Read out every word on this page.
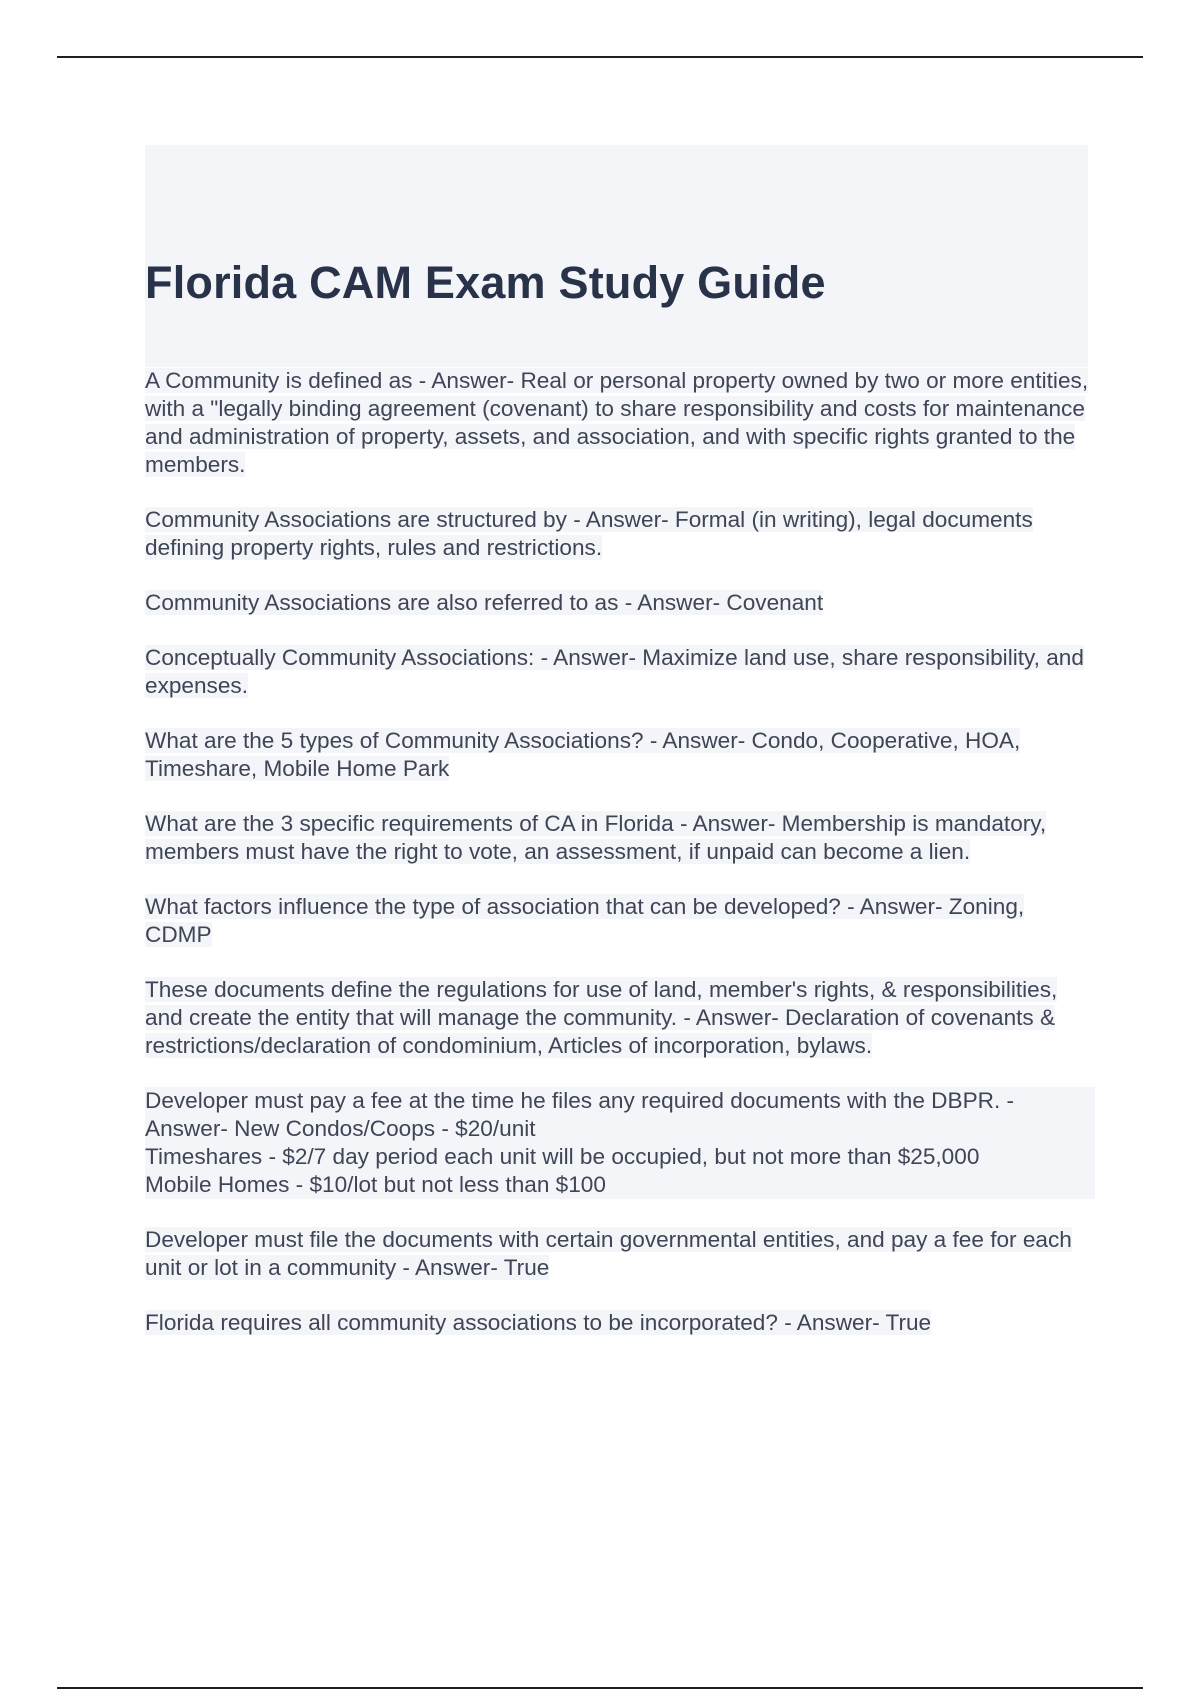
Florida CAM Exam Study Guide

A Community is defined as - Answer- Real or personal property owned by two or more entities, with a "legally binding agreement (covenant) to share responsibility and costs for maintenance and administration of property, assets, and association, and with specific rights granted to the members.

Community Associations are structured by - Answer- Formal (in writing), legal documents defining property rights, rules and restrictions.

Community Associations are also referred to as - Answer- Covenant

Conceptually Community Associations: - Answer- Maximize land use, share responsibility, and expenses.

What are the 5 types of Community Associations? - Answer- Condo, Cooperative, HOA, Timeshare, Mobile Home Park

What are the 3 specific requirements of CA in Florida - Answer- Membership is mandatory, members must have the right to vote, an assessment, if unpaid can become a lien.

What factors influence the type of association that can be developed? - Answer- Zoning, CDMP

These documents define the regulations for use of land, member's rights, & responsibilities, and create the entity that will manage the community. - Answer- Declaration of covenants & restrictions/declaration of condominium, Articles of incorporation, bylaws.

Developer must pay a fee at the time he files any required documents with the DBPR. - Answer- New Condos/Coops - $20/unit
Timeshares - $2/7 day period each unit will be occupied, but not more than $25,000
Mobile Homes - $10/lot but not less than $100

Developer must file the documents with certain governmental entities, and pay a fee for each unit or lot in a community - Answer- True

Florida requires all community associations to be incorporated? - Answer- True
